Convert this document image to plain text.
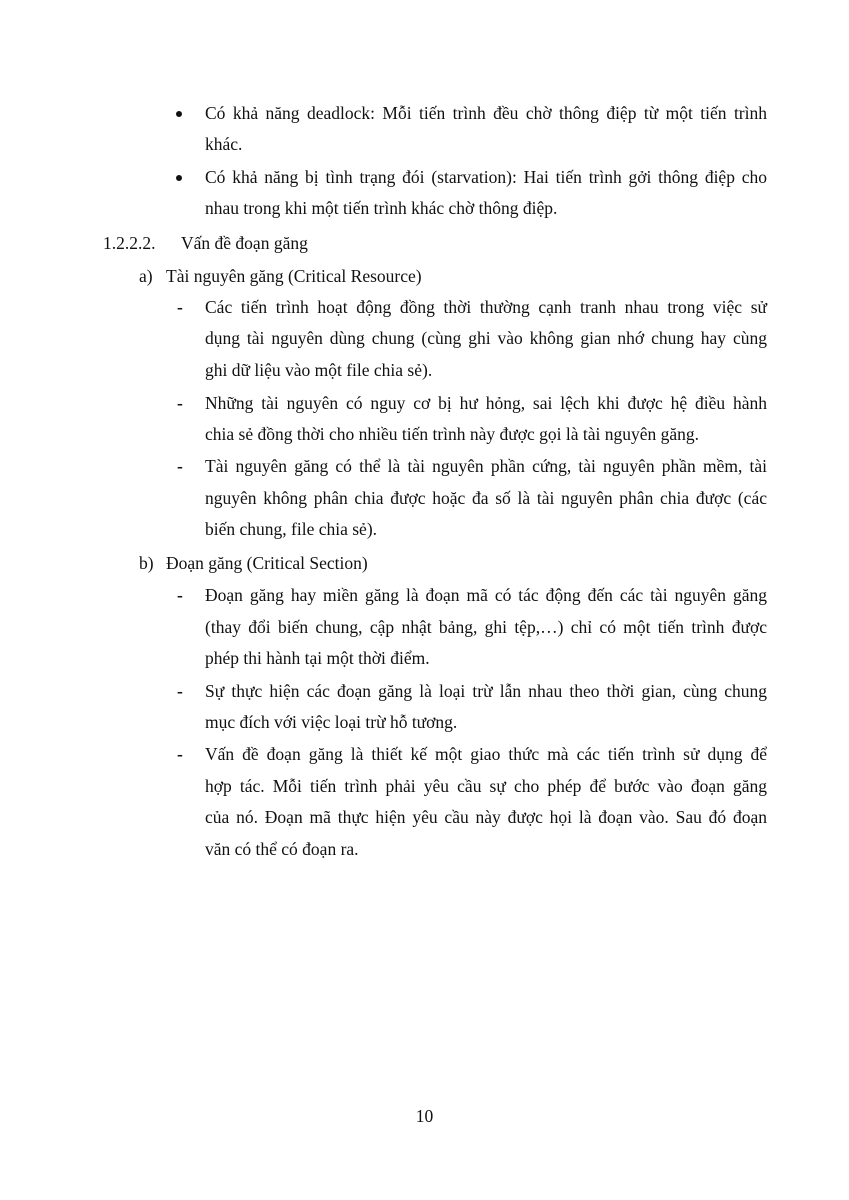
Có khả năng deadlock: Mỗi tiến trình đều chờ thông điệp từ một tiến trình
khác.
Có khả năng bị tình trạng đói (starvation): Hai tiến trình gởi thông điệp cho
nhau trong khi một tiến trình khác chờ thông điệp.
1.2.2.2. Vấn đề đoạn găng
a) Tài nguyên găng (Critical Resource)
- Các tiến trình hoạt động đồng thời thường cạnh tranh nhau trong việc sử
dụng tài nguyên dùng chung (cùng ghi vào không gian nhớ chung hay cùng
ghi dữ liệu vào một file chia sẻ).
- Những tài nguyên có nguy cơ bị hư hỏng, sai lệch khi được hệ điều hành
chia sẻ đồng thời cho nhiều tiến trình này được gọi là tài nguyên găng.
- Tài nguyên găng có thể là tài nguyên phần cứng, tài nguyên phần mềm, tài
nguyên không phân chia được hoặc đa số là tài nguyên phân chia được (các
biến chung, file chia sẻ).
b) Đoạn găng (Critical Section)
- Đoạn găng hay miền găng là đoạn mã có tác động đến các tài nguyên găng
(thay đổi biến chung, cập nhật bảng, ghi tệp,…) chỉ có một tiến trình được
phép thi hành tại một thời điểm.
- Sự thực hiện các đoạn găng là loại trừ lẫn nhau theo thời gian, cùng chung
mục đích với việc loại trừ hỗ tương.
- Vấn đề đoạn găng là thiết kế một giao thức mà các tiến trình sử dụng để
hợp tác. Mỗi tiến trình phải yêu cầu sự cho phép để bước vào đoạn găng
của nó. Đoạn mã thực hiện yêu cầu này được họi là đoạn vào. Sau đó đoạn
văn có thể có đoạn ra.
10
